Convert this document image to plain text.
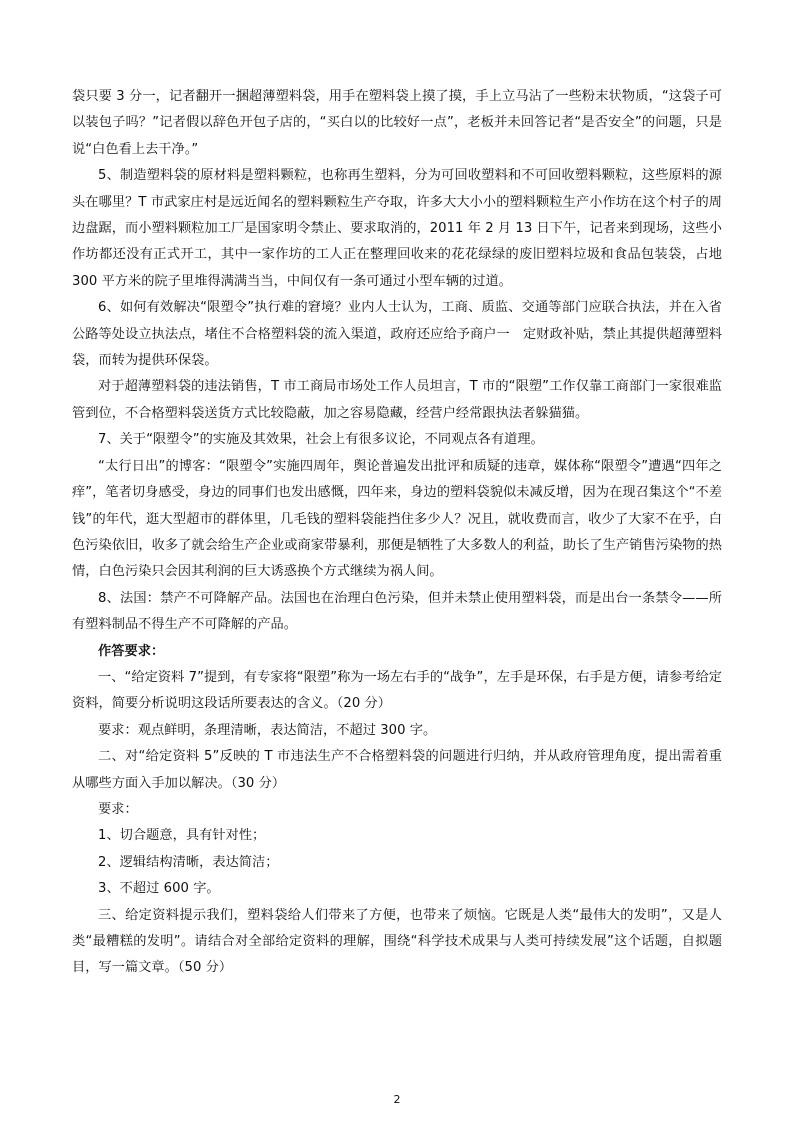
袋只要 3 分一，记者翻开一捆超薄塑料袋，用手在塑料袋上摸了摸，手上立马沾了一些粉末状物质，“这袋子可以装包子吗？”记者假以辞色开包子店的，“买白以的比较好一点”，老板并未回答记者“是否安全”的问题，只是说“白色看上去干净。”

5、制造塑料袋的原材料是塑料颗粒，也称再生塑料，分为可回收塑料和不可回收塑料颗粒，这些原料的源头在哪里？T 市武家庄村是远近闻名的塑料颗粒生产夺取，许多大大小小的塑料颗粒生产小作坊在这个村子的周边盘踞，而小塑料颗粒加工厂是国家明令禁止、要求取消的，2011 年 2 月 13 日下午，记者来到现场，这些小作坊都还没有正式开工，其中一家作坊的工人正在整理回收来的花花绿绿的废旧塑料垃圾和食品包装袋，占地 300 平方米的院子里堆得满满当当，中间仅有一条可通过小型车辆的过道。

6、如何有效解决“限塑令”执行难的窘境？业内人士认为，工商、质监、交通等部门应联合执法，并在入省公路等处设立执法点，堵住不合格塑料袋的流入渠道，政府还应给予商户一　定财政补贴，禁止其提供超薄塑料袋，而转为提供环保袋。

对于超薄塑料袋的违法销售，T 市工商局市场处工作人员坦言，T 市的“限塑”工作仅靠工商部门一家很难监管到位，不合格塑料袋送货方式比较隐蔽，加之容易隐藏，经营户经常跟执法者躲猫猫。

7、关于“限塑令”的实施及其效果，社会上有很多议论，不同观点各有道理。

“太行日出”的博客：“限塑令”实施四周年，舆论普遍发出批评和质疑的违章，媒体称“限塑令”遭遇“四年之痒”，笔者切身感受，身边的同事们也发出感慨，四年来，身边的塑料袋貌似未减反增，因为在现召集这个“不差钱”的年代，逛大型超市的群体里，几毛钱的塑料袋能挡住多少人？况且，就收费而言，收少了大家不在乎，白色污染依旧，收多了就会给生产企业或商家带暴利，那便是牺牲了大多数人的利益，助长了生产销售污染物的热情，白色污染只会因其利润的巨大诱惑换个方式继续为祸人间。

8、法国：禁产不可降解产品。法国也在治理白色污染，但并未禁止使用塑料袋，而是出台一条禁令——所有塑料制品不得生产不可降解的产品。

作答要求：

一、“给定资料 7”提到，有专家将“限塑”称为一场左右手的“战争”，左手是环保，右手是方便，请参考给定资料，简要分析说明这段话所要表达的含义。（20 分）

要求：观点鲜明，条理清晰，表达简洁，不超过 300 字。

二、对“给定资料 5”反映的 T 市违法生产不合格塑料袋的问题进行归纳，并从政府管理角度，提出需着重从哪些方面入手加以解决。（30 分）

要求：

1、切合题意，具有针对性；

2、逻辑结构清晰，表达简洁；

3、不超过 600 字。

三、给定资料提示我们，塑料袋给人们带来了方便，也带来了烦恼。它既是人类“最伟大的发明”，又是人类“最糟糕的发明”。请结合对全部给定资料的理解，围绕“科学技术成果与人类可持续发展”这个话题，自拟题目，写一篇文章。（50 分）

2
